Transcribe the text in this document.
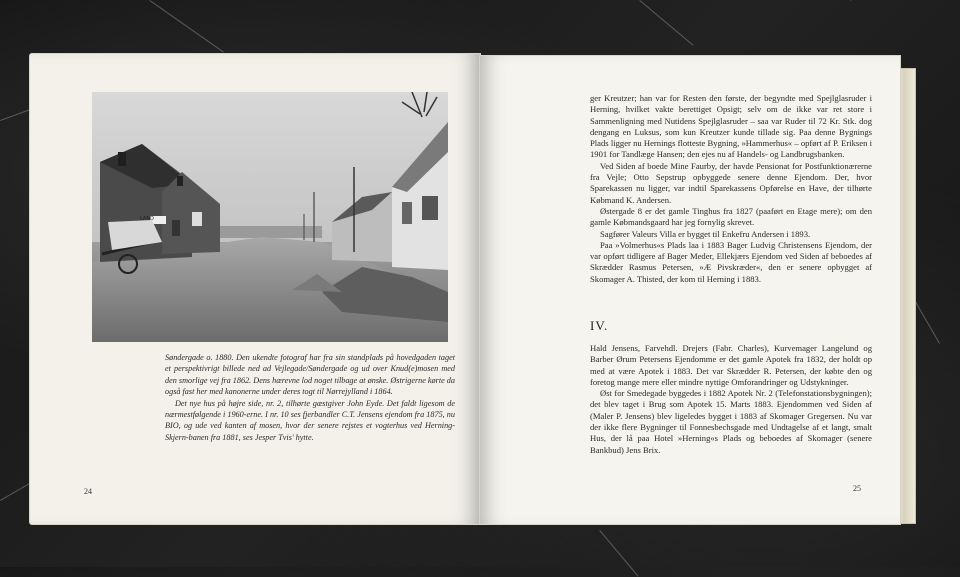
LAND

Søndergade o. 1880. Den ukendte fotograf har fra sin standplads på hovedgaden taget et perspektivrigt billede ned ad Vejlegade/Søndergade og ud over Knud(e)mosen med den smorlige vej fra 1862. Dens hærevne lod noget tilbage at ønske. Østrigerne kørte da også fast her med kanonerne under deres togt til Nørrejylland i 1864.

Det nye hus på højre side, nr. 2, tilhørte gæstgiver John Eyde. Det faldt ligesom de nærmestfølgende i 1960-erne. I nr. 10 ses fjerbandler C.T. Jensens ejendom fra 1875, nu BIO, og ude ved kanten af mosen, hvor der senere rejstes et vogterhus ved Herning-Skjern-banen fra 1881, ses Jesper Tvis' hytte.

24

ger Kreutzer; han var for Resten den første, der begyndte med Spejlglasruder i Herning, hvilket vakte berettiget Opsigt; selv om de ikke var ret store i Sammenligning med Nutidens Spejlglasruder – saa var Ruder til 72 Kr. Stk. dog dengang en Luksus, som kun Kreutzer kunde tillade sig. Paa denne Bygnings Plads ligger nu Hernings flotteste Bygning, »Hammerhus« – opført af P. Eriksen i 1901 for Tandlæge Hansen; den ejes nu af Handels- og Landbrugsbanken.

Ved Siden af boede Mine Faurby, der havde Pensionat for Postfunktionærerne fra Vejle; Otto Sepstrup opbyggede senere denne Ejendom. Der, hvor Sparekassen nu ligger, var indtil Sparekassens Opførelse en Have, der tilhørte Købmand K. Andersen.

Østergade 8 er det gamle Tinghus fra 1827 (paaført en Etage mere); om den gamle Købmandsgaard har jeg fornylig skrevet.

Sagfører Valeurs Villa er bygget til Enkefru Andersen i 1893.

Paa »Volmerhus«s Plads laa i 1883 Bager Ludvig Christensens Ejendom, der var opført tidligere af Bager Meder, Ellekjærs Ejendom ved Siden af beboedes af Skrædder Rasmus Petersen, »Æ Pivskræder«, den er senere opbygget af Skomager A. Thisted, der kom til Herning i 1883.

IV.

Hald Jensens, Farvehdl. Drejers (Fabr. Charles), Kurvemager Langelund og Barber Ørum Petersens Ejendomme er det gamle Apotek fra 1832, der holdt op med at være Apotek i 1883. Det var Skrædder R. Petersen, der købte den og foretog mange mere eller mindre nyttige Omforandringer og Udstykninger.

Øst for Smedegade byggedes i 1882 Apotek Nr. 2 (Telefonstationsbygningen); det blev taget i Brug som Apotek 15. Marts 1883. Ejendommen ved Siden af (Maler P. Jensens) blev ligeledes bygget i 1883 af Skomager Gregersen. Nu var der ikke flere Bygninger til Fonnesbechsgade med Undtagelse af et langt, smalt Hus, der lå paa Hotel »Herning«s Plads og beboedes af Skomager (senere Bankbud) Jens Brix.

25
